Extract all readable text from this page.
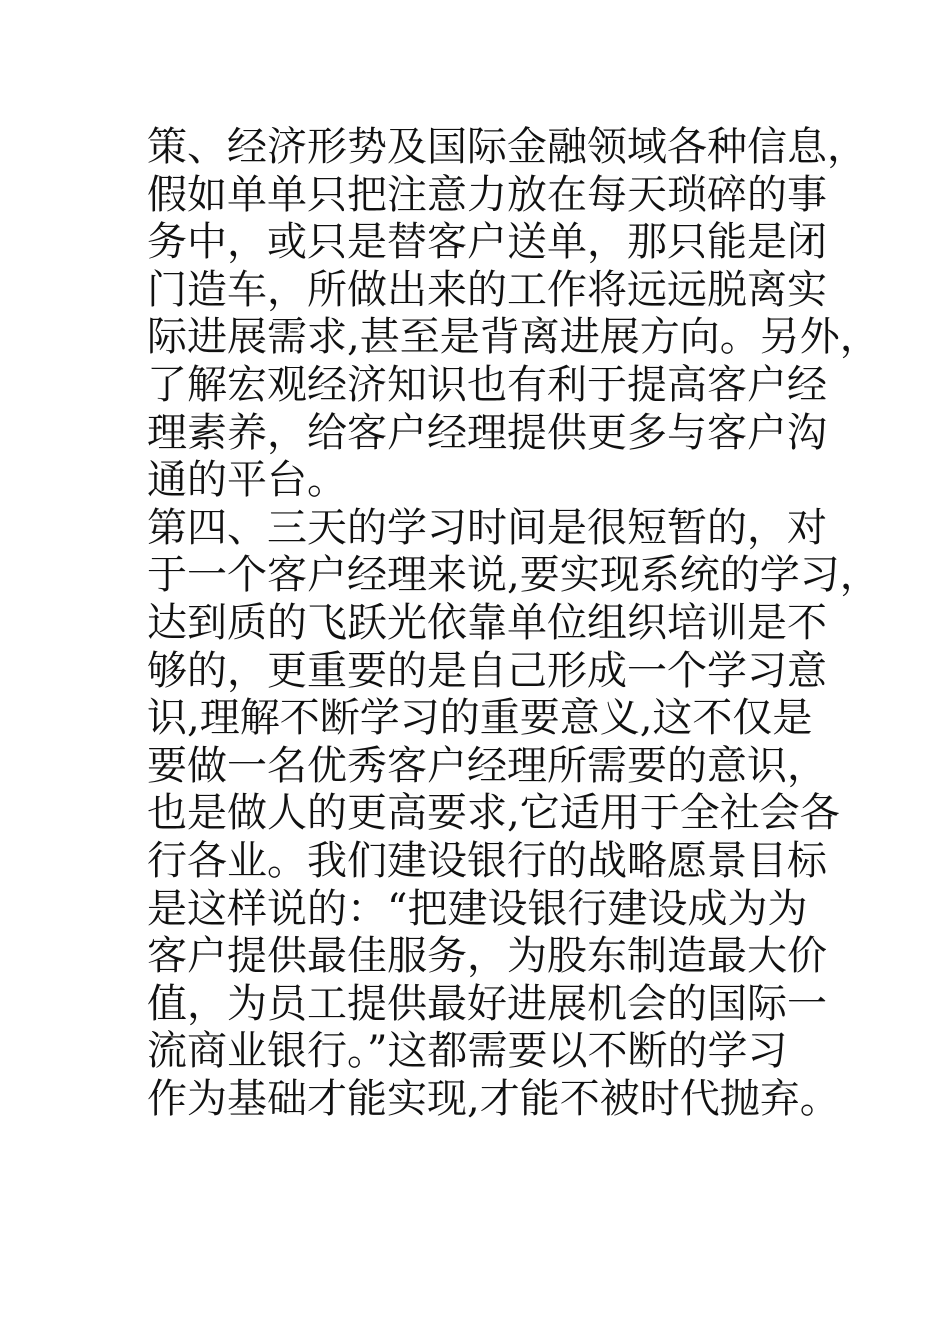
策、经济形势及国际金融领域各种信息，
假如单单只把注意力放在每天琐碎的事
务中，或只是替客户送单，那只能是闭
门造车，所做出来的工作将远远脱离实
际进展需求,甚至是背离进展方向。另外，
了解宏观经济知识也有利于提高客户经
理素养，给客户经理提供更多与客户沟
通的平台。
第四、三天的学习时间是很短暂的，对
于一个客户经理来说,要实现系统的学习，
达到质的飞跃光依靠单位组织培训是不
够的，更重要的是自己形成一个学习意
识,理解不断学习的重要意义,这不仅是
要做一名优秀客户经理所需要的意识，
也是做人的更高要求,它适用于全社会各
行各业。我们建设银行的战略愿景目标
是这样说的：“把建设银行建设成为为
客户提供最佳服务，为股东制造最大价
值，为员工提供最好进展机会的国际一
流商业银行。”这都需要以不断的学习
作为基础才能实现,才能不被时代抛弃。
